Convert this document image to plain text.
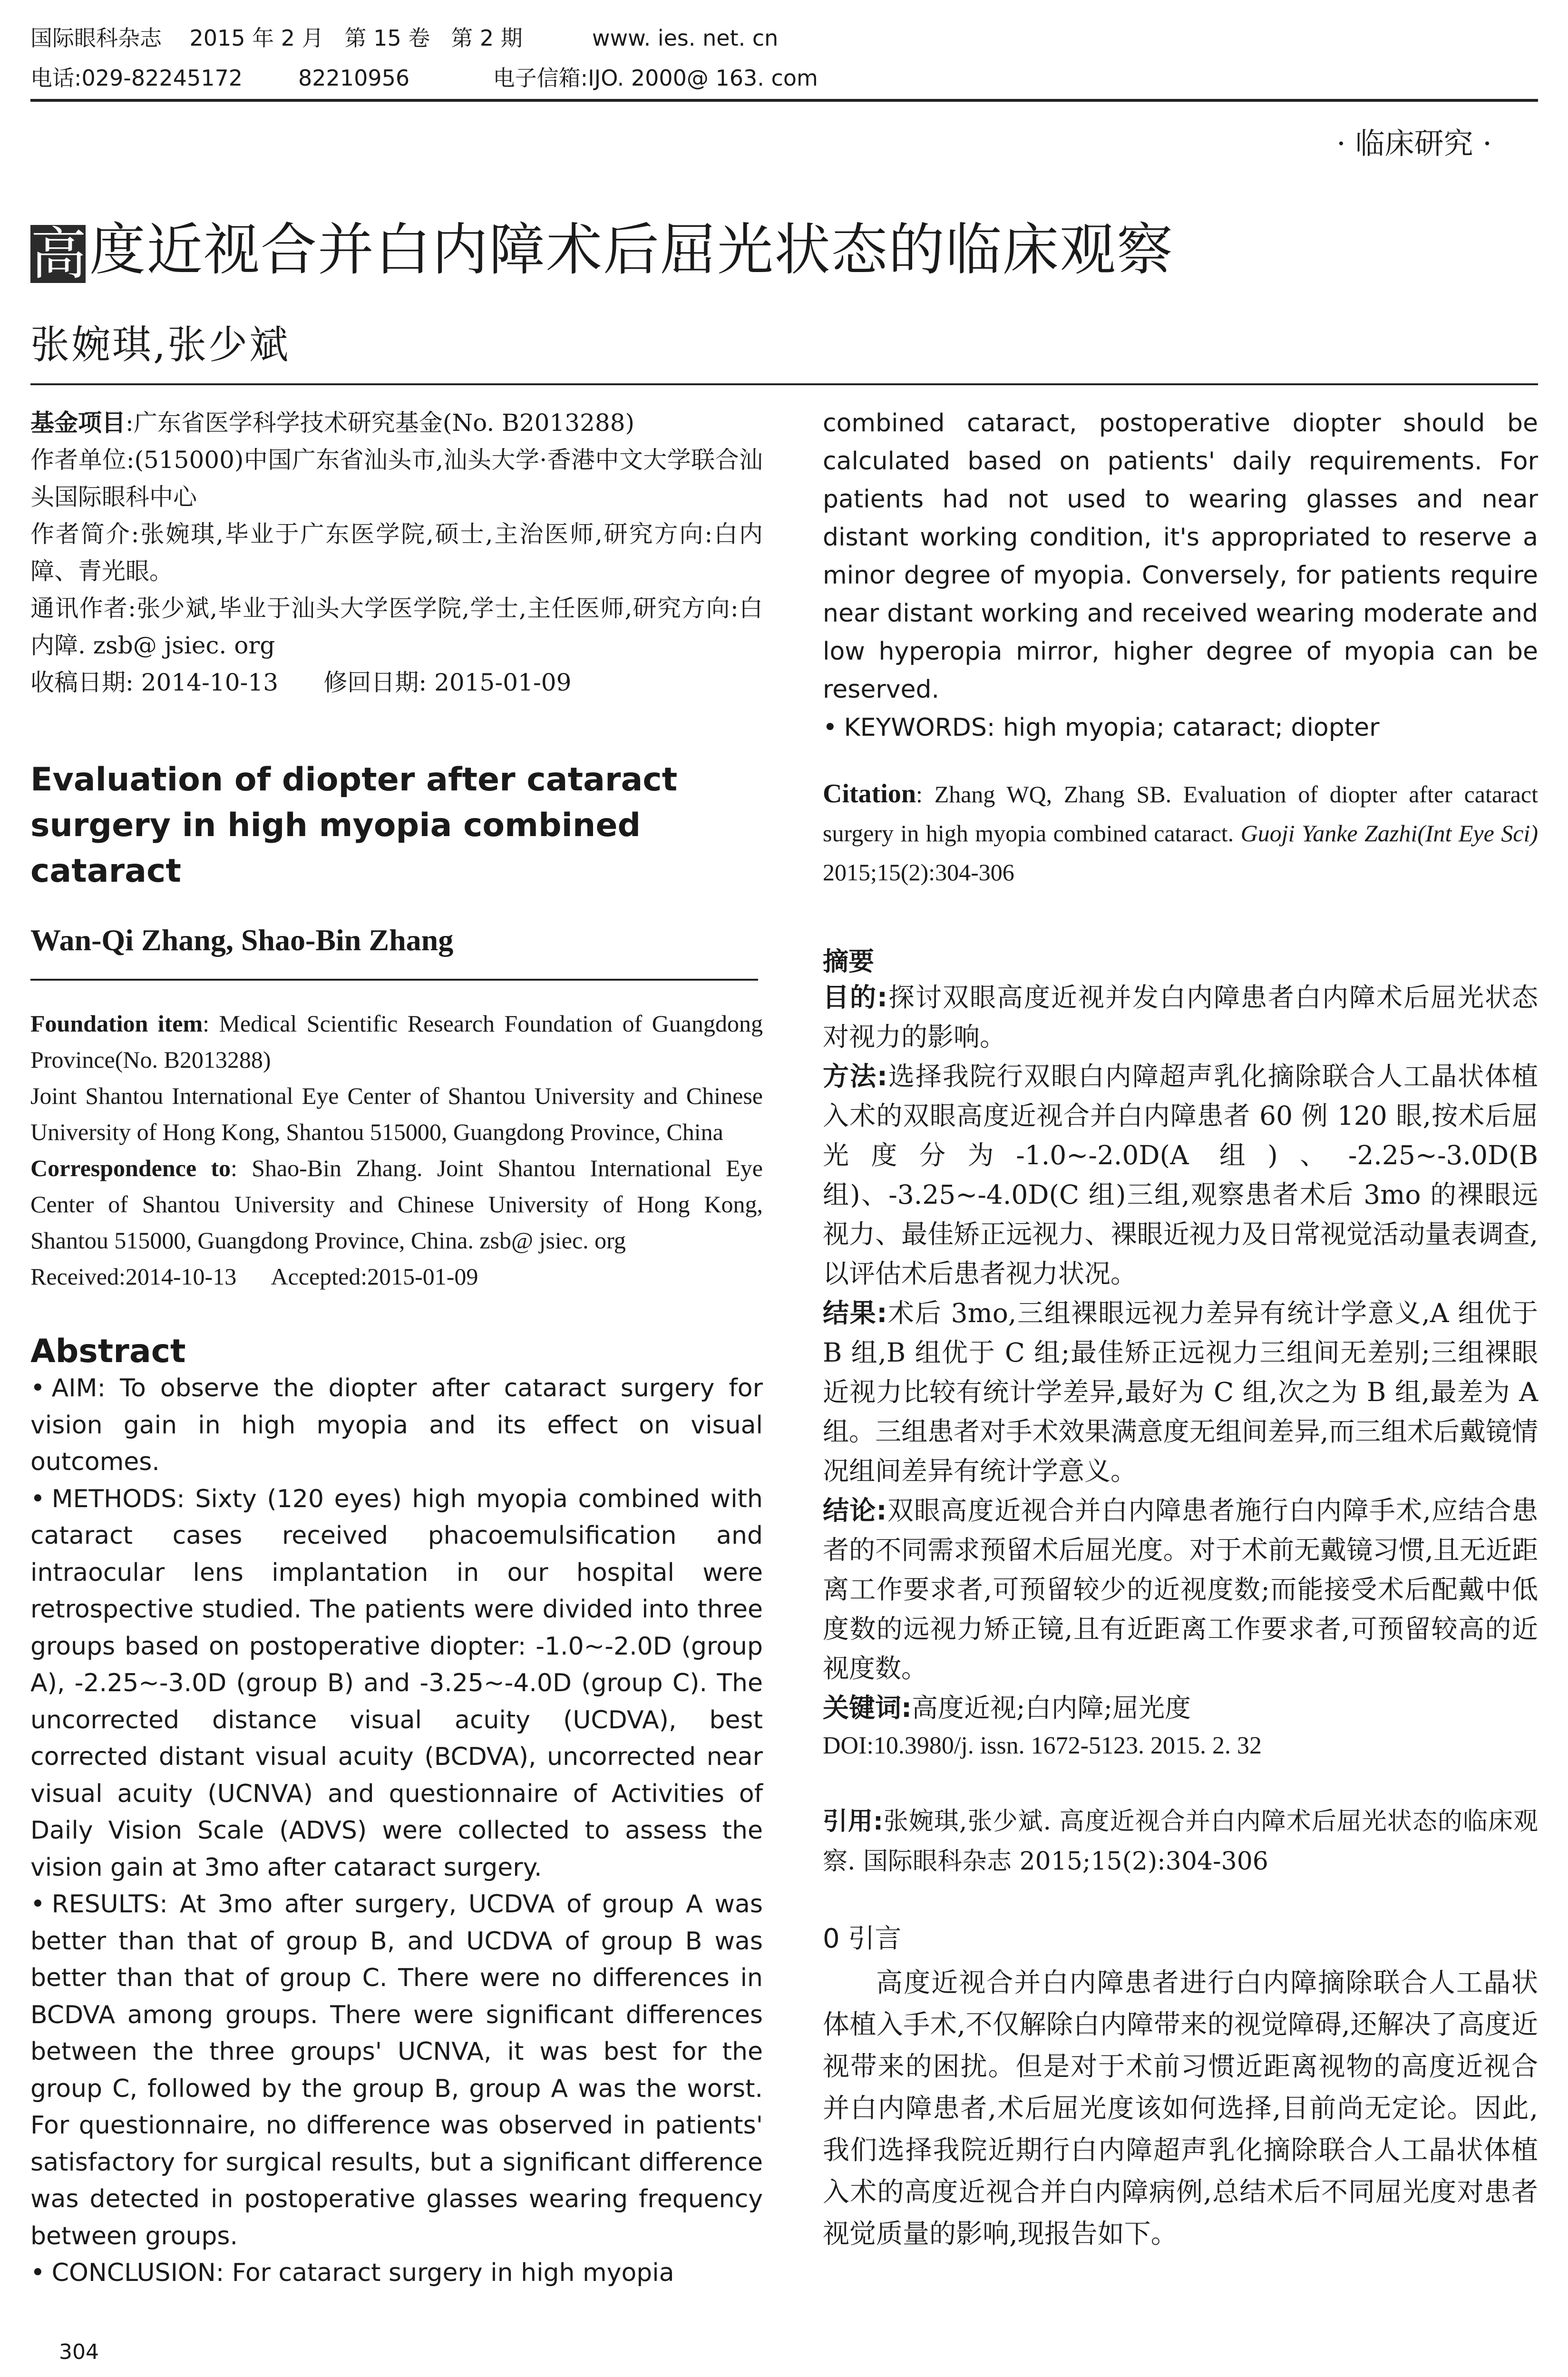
国际眼科杂志    2015 年 2 月   第 15 卷   第 2 期          www. ies. net. cn
电话:029-82245172        82210956            电子信箱:IJO. 2000@ 163. com
· 临床研究 ·
高度近视合并白内障术后屈光状态的临床观察
张婉琪,张少斌
基金项目:广东省医学科学技术研究基金(No. B2013288)
作者单位:(515000)中国广东省汕头市,汕头大学·香港中文大学联合汕头国际眼科中心
作者简介:张婉琪,毕业于广东医学院,硕士,主治医师,研究方向:白内障、青光眼。
通讯作者:张少斌,毕业于汕头大学医学院,学士,主任医师,研究方向:白内障. zsb@ jsiec. org
收稿日期: 2014-10-13      修回日期: 2015-01-09
Evaluation of diopter after cataract surgery in high myopia combined cataract
Wan-Qi Zhang, Shao-Bin Zhang
Foundation item: Medical Scientific Research Foundation of Guangdong Province(No. B2013288)
Joint Shantou International Eye Center of Shantou University and Chinese University of Hong Kong, Shantou 515000, Guangdong Province, China
Correspondence to: Shao-Bin Zhang. Joint Shantou International Eye Center of Shantou University and Chinese University of Hong Kong, Shantou 515000, Guangdong Province, China. zsb@ jsiec. org
Received:2014-10-13      Accepted:2015-01-09
Abstract
• AIM: To observe the diopter after cataract surgery for vision gain in high myopia and its effect on visual outcomes.
• METHODS: Sixty (120 eyes) high myopia combined with cataract cases received phacoemulsification and intraocular lens implantation in our hospital were retrospective studied. The patients were divided into three groups based on postoperative diopter: -1.0~-2.0D (group A), -2.25~-3.0D (group B) and -3.25~-4.0D (group C). The uncorrected distance visual acuity (UCDVA), best corrected distant visual acuity (BCDVA), uncorrected near visual acuity (UCNVA) and questionnaire of Activities of Daily Vision Scale (ADVS) were collected to assess the vision gain at 3mo after cataract surgery.
• RESULTS: At 3mo after surgery, UCDVA of group A was better than that of group B, and UCDVA of group B was better than that of group C. There were no differences in BCDVA among groups. There were significant differences between the three groups' UCNVA, it was best for the group C, followed by the group B, group A was the worst. For questionnaire, no difference was observed in patients' satisfactory for surgical results, but a significant difference was detected in postoperative glasses wearing frequency between groups.
• CONCLUSION: For cataract surgery in high myopia
combined cataract, postoperative diopter should be calculated based on patients' daily requirements. For patients had not used to wearing glasses and near distant working condition, it's appropriated to reserve a minor degree of myopia. Conversely, for patients require near distant working and received wearing moderate and low hyperopia mirror, higher degree of myopia can be reserved.
• KEYWORDS: high myopia; cataract; diopter
Citation: Zhang WQ, Zhang SB. Evaluation of diopter after cataract surgery in high myopia combined cataract. Guoji Yanke Zazhi(Int Eye Sci) 2015;15(2):304-306
摘要
目的:探讨双眼高度近视并发白内障患者白内障术后屈光状态对视力的影响。
方法:选择我院行双眼白内障超声乳化摘除联合人工晶状体植入术的双眼高度近视合并白内障患者 60 例 120 眼,按术后屈光度分为-1.0~-2.0D(A 组)、-2.25~-3.0D(B 组)、-3.25~-4.0D(C 组)三组,观察患者术后 3mo 的裸眼远视力、最佳矫正远视力、裸眼近视力及日常视觉活动量表调查,以评估术后患者视力状况。
结果:术后 3mo,三组裸眼远视力差异有统计学意义,A 组优于 B 组,B 组优于 C 组;最佳矫正远视力三组间无差别;三组裸眼近视力比较有统计学差异,最好为 C 组,次之为 B 组,最差为 A 组。三组患者对手术效果满意度无组间差异,而三组术后戴镜情况组间差异有统计学意义。
结论:双眼高度近视合并白内障患者施行白内障手术,应结合患者的不同需求预留术后屈光度。对于术前无戴镜习惯,且无近距离工作要求者,可预留较少的近视度数;而能接受术后配戴中低度数的远视力矫正镜,且有近距离工作要求者,可预留较高的近视度数。
关键词:高度近视;白内障;屈光度
DOI:10.3980/j. issn. 1672-5123. 2015. 2. 32
引用:张婉琪,张少斌. 高度近视合并白内障术后屈光状态的临床观察. 国际眼科杂志 2015;15(2):304-306
0 引言
高度近视合并白内障患者进行白内障摘除联合人工晶状体植入手术,不仅解除白内障带来的视觉障碍,还解决了高度近视带来的困扰。但是对于术前习惯近距离视物的高度近视合并白内障患者,术后屈光度该如何选择,目前尚无定论。因此,我们选择我院近期行白内障超声乳化摘除联合人工晶状体植入术的高度近视合并白内障病例,总结术后不同屈光度对患者视觉质量的影响,现报告如下。
304
